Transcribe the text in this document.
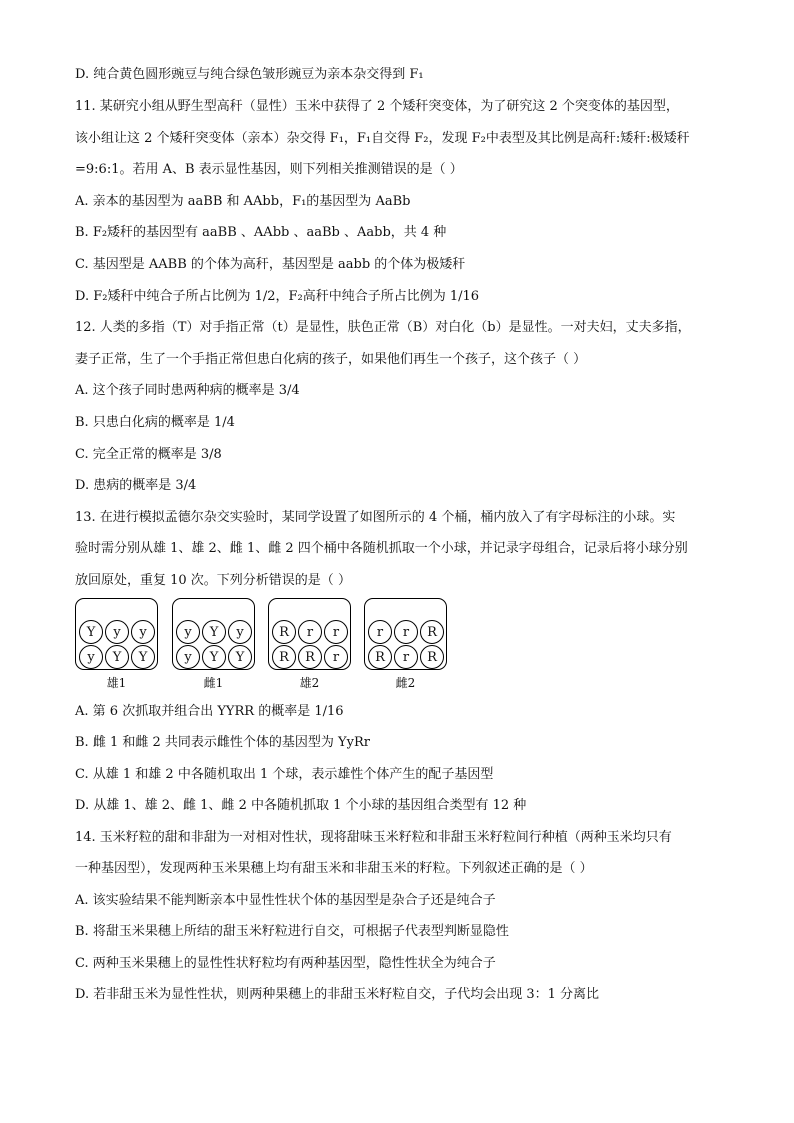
D. 纯合黄色圆形豌豆与纯合绿色皱形豌豆为亲本杂交得到 F₁
11. 某研究小组从野生型高秆（显性）玉米中获得了 2 个矮秆突变体，为了研究这 2 个突变体的基因型，
该小组让这 2 个矮秆突变体（亲本）杂交得 F₁，F₁自交得 F₂，发现 F₂中表型及其比例是高秆:矮秆:极矮秆
=9:6:1。若用 A、B 表示显性基因，则下列相关推测错误的是（ ）
A. 亲本的基因型为 aaBB 和 AAbb，F₁的基因型为 AaBb
B. F₂矮秆的基因型有 aaBB 、AAbb 、aaBb 、Aabb，共 4 种
C. 基因型是 AABB 的个体为高秆，基因型是 aabb 的个体为极矮秆
D. F₂矮秆中纯合子所占比例为 1/2，F₂高秆中纯合子所占比例为 1/16
12. 人类的多指（T）对手指正常（t）是显性，肤色正常（B）对白化（b）是显性。一对夫妇，丈夫多指，
妻子正常，生了一个手指正常但患白化病的孩子，如果他们再生一个孩子，这个孩子（ ）
A. 这个孩子同时患两种病的概率是 3/4
B. 只患白化病的概率是 1/4
C. 完全正常的概率是 3/8
D. 患病的概率是 3/4
13. 在进行模拟孟德尔杂交实验时，某同学设置了如图所示的 4 个桶，桶内放入了有字母标注的小球。实
验时需分别从雄 1、雄 2、雌 1、雌 2 四个桶中各随机抓取一个小球，并记录字母组合，记录后将小球分别
放回原处，重复 10 次。下列分析错误的是（ ）
Y	y	y
y	Y	Y
雄1
y	Y	y
y	Y	Y
雌1
R	r	r
R	R	r
雄2
r	r	R
R	r	R
雌2
A. 第 6 次抓取并组合出 YYRR 的概率是 1/16
B. 雌 1 和雌 2 共同表示雌性个体的基因型为 YyRr
C. 从雄 1 和雄 2 中各随机取出 1 个球，表示雄性个体产生的配子基因型
D. 从雄 1、雄 2、雌 1、雌 2 中各随机抓取 1 个小球的基因组合类型有 12 种
14. 玉米籽粒的甜和非甜为一对相对性状，现将甜味玉米籽粒和非甜玉米籽粒间行种植（两种玉米均只有
一种基因型），发现两种玉米果穗上均有甜玉米和非甜玉米的籽粒。下列叙述正确的是（ ）
A. 该实验结果不能判断亲本中显性性状个体的基因型是杂合子还是纯合子
B. 将甜玉米果穗上所结的甜玉米籽粒进行自交，可根据子代表型判断显隐性
C. 两种玉米果穗上的显性性状籽粒均有两种基因型，隐性性状全为纯合子
D. 若非甜玉米为显性性状，则两种果穗上的非甜玉米籽粒自交，子代均会出现 3：1 分离比
